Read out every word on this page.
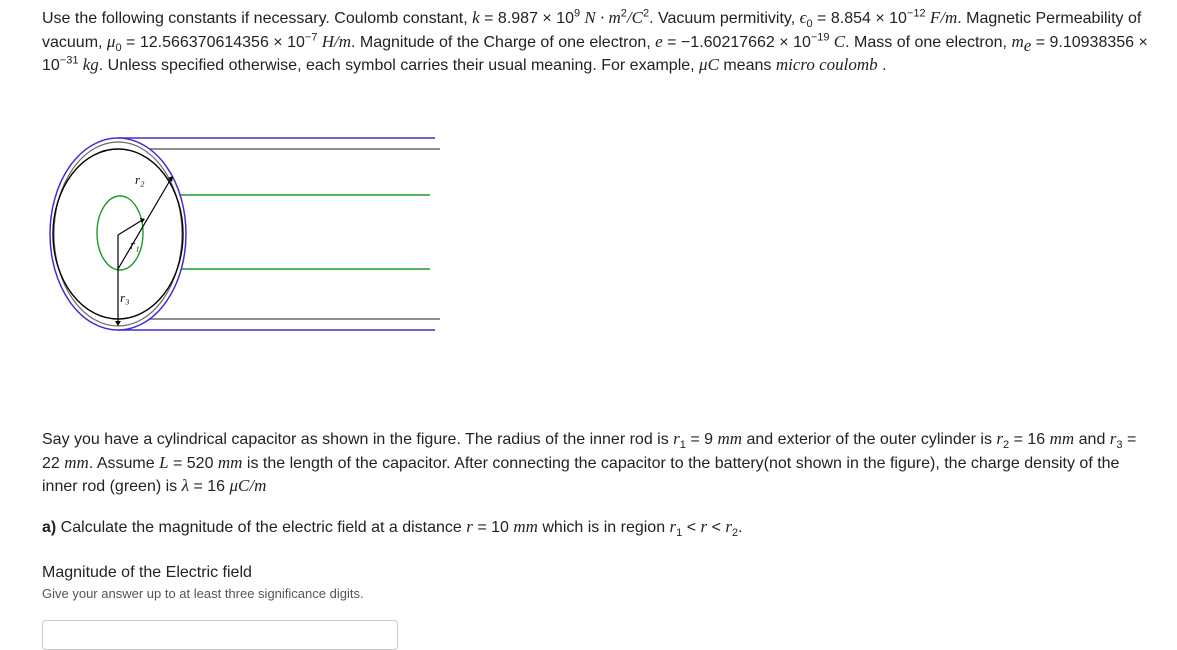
Use the following constants if necessary. Coulomb constant, $k = 8.987 \times 10^9$ $N \cdot m^2/C^2$. Vacuum permitivity, $\epsilon_0 = 8.854 \times 10^{-12}$ F/m. Magnetic Permeability of vacuum, $\mu_0 = 12.566370614356 \times 10^{-7}$ H/m. Magnitude of the Charge of one electron, $e = -1.60217662 \times 10^{-19}$ C. Mass of one electron, $m_e = 9.10938356 \times 10^{-31}$ kg. Unless specified otherwise, each symbol carries their usual meaning. For example, μC means micro coulomb .

r₂
r₁
r₃

Say you have a cylindrical capacitor as shown in the figure. The radius of the inner rod is $r_1 = 9$ mm and exterior of the outer cylinder is $r_2 = 16$ mm and $r_3 = 22$ mm. Assume L = 520 mm is the length of the capacitor. After connecting the capacitor to the battery(not shown in the figure), the charge density of the inner rod (green) is λ = 16 μC/m

a) Calculate the magnitude of the electric field at a distance r = 10 mm which is in region $r_1 < r < r_2$.

Magnitude of the Electric field

Give your answer up to at least three significance digits.
